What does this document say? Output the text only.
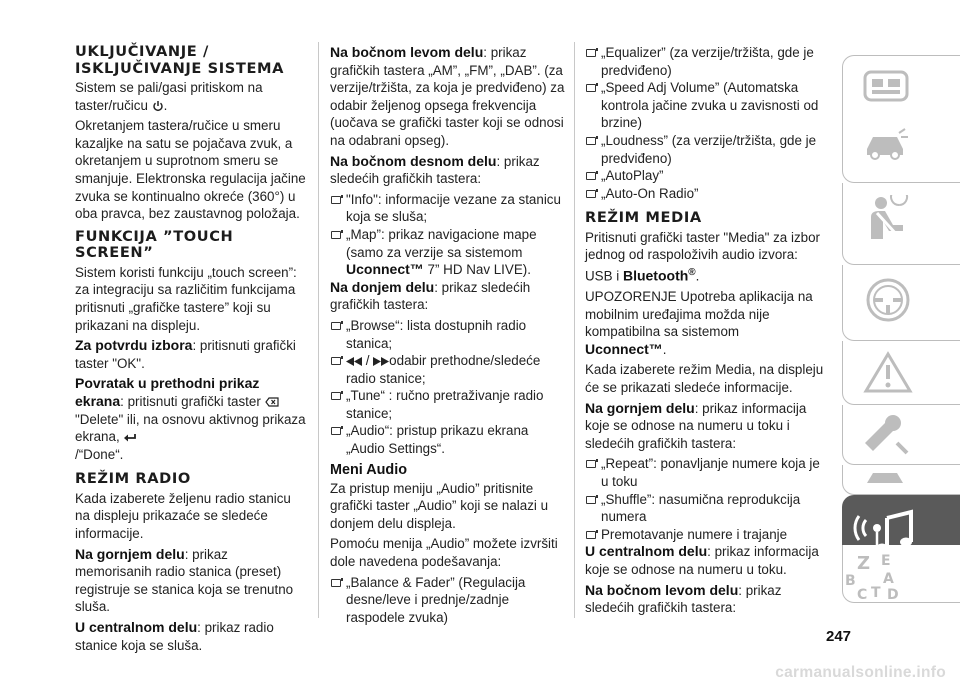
UKLJUČIVANJE / ISKLJUČIVANJE SISTEMA

Sistem se pali/gasi pritiskom na taster/ručicu .

Okretanjem tastera/ručice u smeru kazaljke na satu se pojačava zvuk, a okretanjem u suprotnom smeru se smanjuje. Elektronska regulacija jačine zvuka se kontinualno okreće (360°) u oba pravca, bez zaustavnog položaja.

FUNKCIJA ”TOUCH SCREEN”

Sistem koristi funkciju „touch screen”: za integraciju sa različitim funkcijama pritisnuti „grafičke tastere” koji su prikazani na displeju.

Za potvrdu izbora: pritisnuti grafički taster "OK".

Povratak u prethodni prikaz ekrana: pritisnuti grafički taster  "Delete" ili, na osnovu aktivnog prikaza ekrana,
/“Done“.

REŽIM RADIO

Kada izaberete željenu radio stanicu na displeju prikazaće se sledeće informacije.

Na gornjem delu: prikaz memorisanih radio stanica (preset) registruje se stanica koja se trenutno sluša.

U centralnom delu: prikaz radio stanice koja se sluša.

Na bočnom levom delu: prikaz grafičkih tastera „AM”, „FM”, „DAB”. (za verzije/tržišta, za koja je predviđeno) za odabir željenog opsega frekvencija (uočava se grafički taster koji se odnosi na odabrani opseg).

Na bočnom desnom delu: prikaz sledećih grafičkih tastera:

"Info": informacije vezane za stanicu koja se sluša;
„Map”: prikaz navigacione mape (samo za verzije sa sistemom
Uconnect™ 7” HD Nav LIVE).

Na donjem delu: prikaz sledećih grafičkih tastera:

„Browse“: lista dostupnih radio stanica;
/ odabir prethodne/sledeće radio stanice;
„Tune“ : ručno pretraživanje radio stanice;
„Audio“: pristup prikazu ekrana „Audio Settings“.
Meni Audio

Za pristup meniju „Audio” pritisnite grafički taster „Audio” koji se nalazi u donjem delu displeja.

Pomoću menija „Audio” možete izvršiti dole navedena podešavanja:

„Balance & Fader” (Regulacija desne/leve i prednje/zadnje raspodele zvuka)
„Equalizer” (za verzije/tržišta, gde je predviđeno)
„Speed Adj Volume” (Automatska kontrola jačine zvuka u zavisnosti od brzine)
„Loudness” (za verzije/tržišta, gde je predviđeno)
„AutoPlay”
„Auto-On Radio”
REŽIM MEDIA

Pritisnuti grafički taster "Media" za izbor jednog od raspoloživih audio izvora: USB i Bluetooth®.

UPOZORENJE Upotreba aplikacija na mobilnim uređajima možda nije kompatibilna sa sistemom
Uconnect™.

Kada izaberete režim Media, na displeju će se prikazati sledeće informacije.

Na gornjem delu: prikaz informacija koje se odnose na numeru u toku i sledećih grafičkih tastera:

„Repeat”: ponavljanje numere koja je u toku
„Shuffle”: nasumična reprodukcija numera
Premotavanje numere i trajanje

U centralnom delu: prikaz informacija koje se odnose na numeru u toku.

Na bočnom levom delu: prikaz sledećih grafičkih tastera:

Z E
B A
C T D
247
carmanualsonline.info
